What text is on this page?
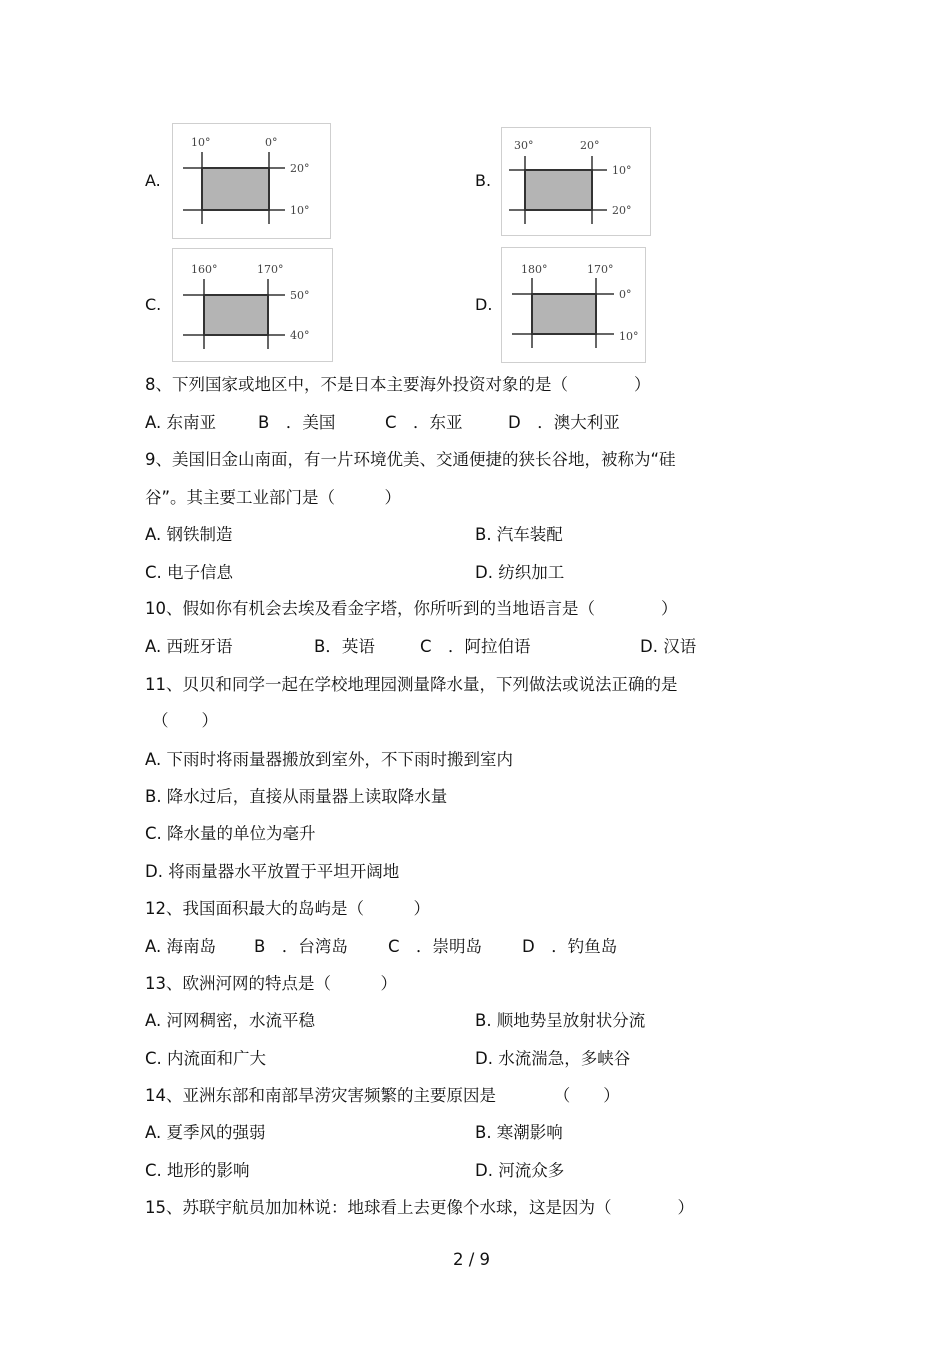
A.	B.
C.	D.
10°	0°
20°
10°
30°	20°
10°
20°
160°	170°
50°
40°
180°	170°
0°
10°
8、下列国家或地区中，不是日本主要海外投资对象的是（　　　　）
A. 东南亚	B　．美国	C　．东亚	D　．澳大利亚
9、美国旧金山南面，有一片环境优美、交通便捷的狭长谷地，被称为“硅
谷”。其主要工业部门是（　　　）
A. 钢铁制造	B. 汽车装配
C. 电子信息	D. 纺织加工
10、假如你有机会去埃及看金字塔，你所听到的当地语言是（　　　　）
A. 西班牙语	B．英语	C　．阿拉伯语	D. 汉语
11、贝贝和同学一起在学校地理园测量降水量，下列做法或说法正确的是
（　　）
A. 下雨时将雨量器搬放到室外，不下雨时搬到室内
B. 降水过后，直接从雨量器上读取降水量
C. 降水量的单位为毫升
D. 将雨量器水平放置于平坦开阔地
12、我国面积最大的岛屿是（　　　）
A. 海南岛 B　．台湾岛 C　．崇明岛 D　．钓鱼岛
13、欧洲河网的特点是（　　　）
A. 河网稠密，水流平稳	B. 顺地势呈放射状分流
C. 内流面和广大	D. 水流湍急，多峡谷
14、亚洲东部和南部旱涝灾害频繁的主要原因是　　　　（　　）
A. 夏季风的强弱	B. 寒潮影响
C. 地形的影响	D. 河流众多
15、苏联宇航员加加林说：地球看上去更像个水球，这是因为（　　　　）
2 / 9
